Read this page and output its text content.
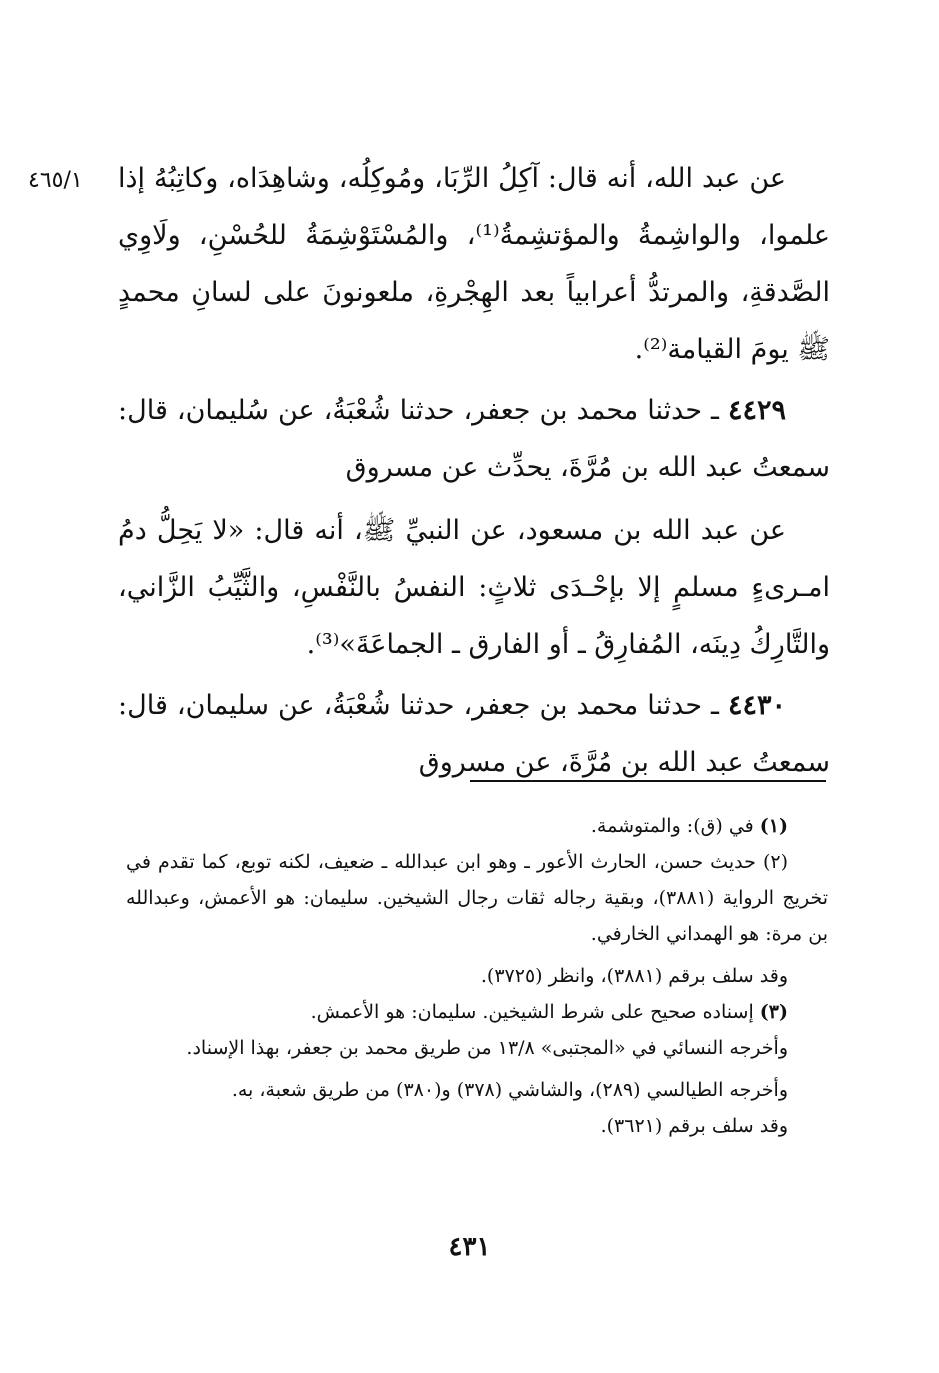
٤٦٥/١ عن عبد الله، أنه قال: آكِلُ الرِّبَا، ومُوكِلُه، وشاهِدَاه، وكاتِبُهُ إذا علموا، والواشِمةُ والمؤتشِمةُ⁽¹⁾، والمُسْتَوْشِمَةُ للحُسْنِ، ولَاوِي الصَّدقةِ، والمرتدُّ أعرابياً بعد الهِجْرةِ، ملعونونَ على لسانِ محمدٍ ﷺ يومَ القيامة⁽²⁾.

٤٤٢٩ ـ حدثنا محمد بن جعفر، حدثنا شُعْبَةُ، عن سُليمان، قال: سمعتُ عبد الله بن مُرَّةَ، يحدِّث عن مسروق

عن عبد الله بن مسعود، عن النبيِّ ﷺ، أنه قال: «لا يَحِلُّ دمُ امـرىءٍ مسلمٍ إلا بإحْـدَى ثلاثٍ: النفسُ بالنَّفْسِ، والثَّيِّبُ الزَّاني، والتَّارِكُ دِينَه، المُفارِقُ ـ أو الفارق ـ الجماعَةَ»⁽³⁾.

٤٤٣٠ ـ حدثنا محمد بن جعفر، حدثنا شُعْبَةُ، عن سليمان، قال: سمعتُ عبد الله بن مُرَّةَ، عن مسروق

(١) في (ق): والمتوشمة.

(٢) حديث حسن، الحارث الأعور ـ وهو ابن عبدالله ـ ضعيف، لكنه توبع، كما تقدم في تخريج الرواية (٣٨٨١)، وبقية رجاله ثقات رجال الشيخين. سليمان: هو الأعمش، وعبدالله بن مرة: هو الهمداني الخارفي.

وقد سلف برقم (٣٨٨١)، وانظر (٣٧٢٥).

(٣) إسناده صحيح على شرط الشيخين. سليمان: هو الأعمش.

وأخرجه النسائي في «المجتبى» ١٣/٨ من طريق محمد بن جعفر، بهذا الإسناد.

وأخرجه الطيالسي (٢٨٩)، والشاشي (٣٧٨) و(٣٨٠) من طريق شعبة، به.

وقد سلف برقم (٣٦٢١).

٤٣١
